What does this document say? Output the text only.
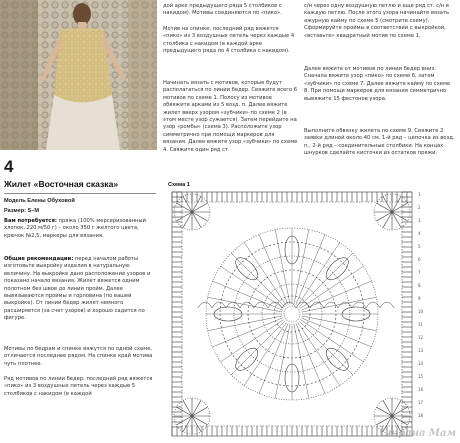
4
Жилет «Восточная сказка»
Модель Елены Обуховой
Размер: S–M

Вам потребуется: пряжа (100% мерсеризованный хлопок, 220 м/50 г) – около 350 г желтого цвета, крючок №2,5, маркеры для вязания.

Общие рекомендации: перед началом работы изготовьте выкройку изделия в натуральную величину. На выкройке дано расположение узоров и показано начало вязания. Жилет вяжется одним полотном без швов до линии пройм. Далее вывязываются проймы и горловина (по вашей выкройке). От линии бедер жилет немного расширяется (за счет узоров) и хорошо садится по фигуре.

Мотивы по бедрам и спинке вяжутся по одной схеме, отличается последнее рядом. На спинке край мотива чуть плотнее.

Ряд мотивов по линии бедер: последний ряд вяжется «пико» из 3 воздушных петель через каждые 5 столбиков с накидом (в каждой

дой арке предыдущего ряда 5 столбиков с накидом). Мотивы соединяются по «пико».

Мотив на спинке: последний ряд вяжется «пико» из 3 воздушных петель через каждые 4 столбика с накидом (в каждой арке предыдущего ряда по 4 столбика с накидом).

Начинать вязать с мотивов, которые будут располагаться по линии бедер. Свяжите всего 6 мотивов по схеме 1. Полосу из мотивов обвяжите арками из 5 возд. п. Далее вяжите жилет вверх узором «зубчики» по схеме 2 (в этом месте узор сужается). Затем перейдите на узор «ромбы» (схема 3). Расположите узор симметрично при помощи маркеров для вязания. Далее вяжите узор «зубчики» по схеме 4. Свяжите один ряд ст.

с/н через одну воздушную петлю и еще ряд ст. с/н в каждую петлю. После этого узора начинайте вязать ажурную кайму по схеме 5 (смотрите схему). Сформируйте проймы в соответствии с выкройкой, «вставьте» квадратный мотив по схеме 1.

Далее вяжите от мотивов по линии бедер вниз. Сначала вяжите узор «пико» по схеме 6, затем «зубчики» по схеме 7. Далее вяжите кайму по схеме 8. При помощи маркеров для вязания симметрично вывяжите 15 фестонов узора.

Выполните обвязку жилета по схеме 9. Свяжите 2 заявки длиной около 40 см. 1-й ряд – цепочка из возд. п., 2-й ряд – соединительные столбики. На концах шнурков сделайте кисточки из остатков пряжи.

Схема 1
1
2
3
4
5
6
7
8
9
10
11
12
13
14
15
16
17
18
Страна Мам
